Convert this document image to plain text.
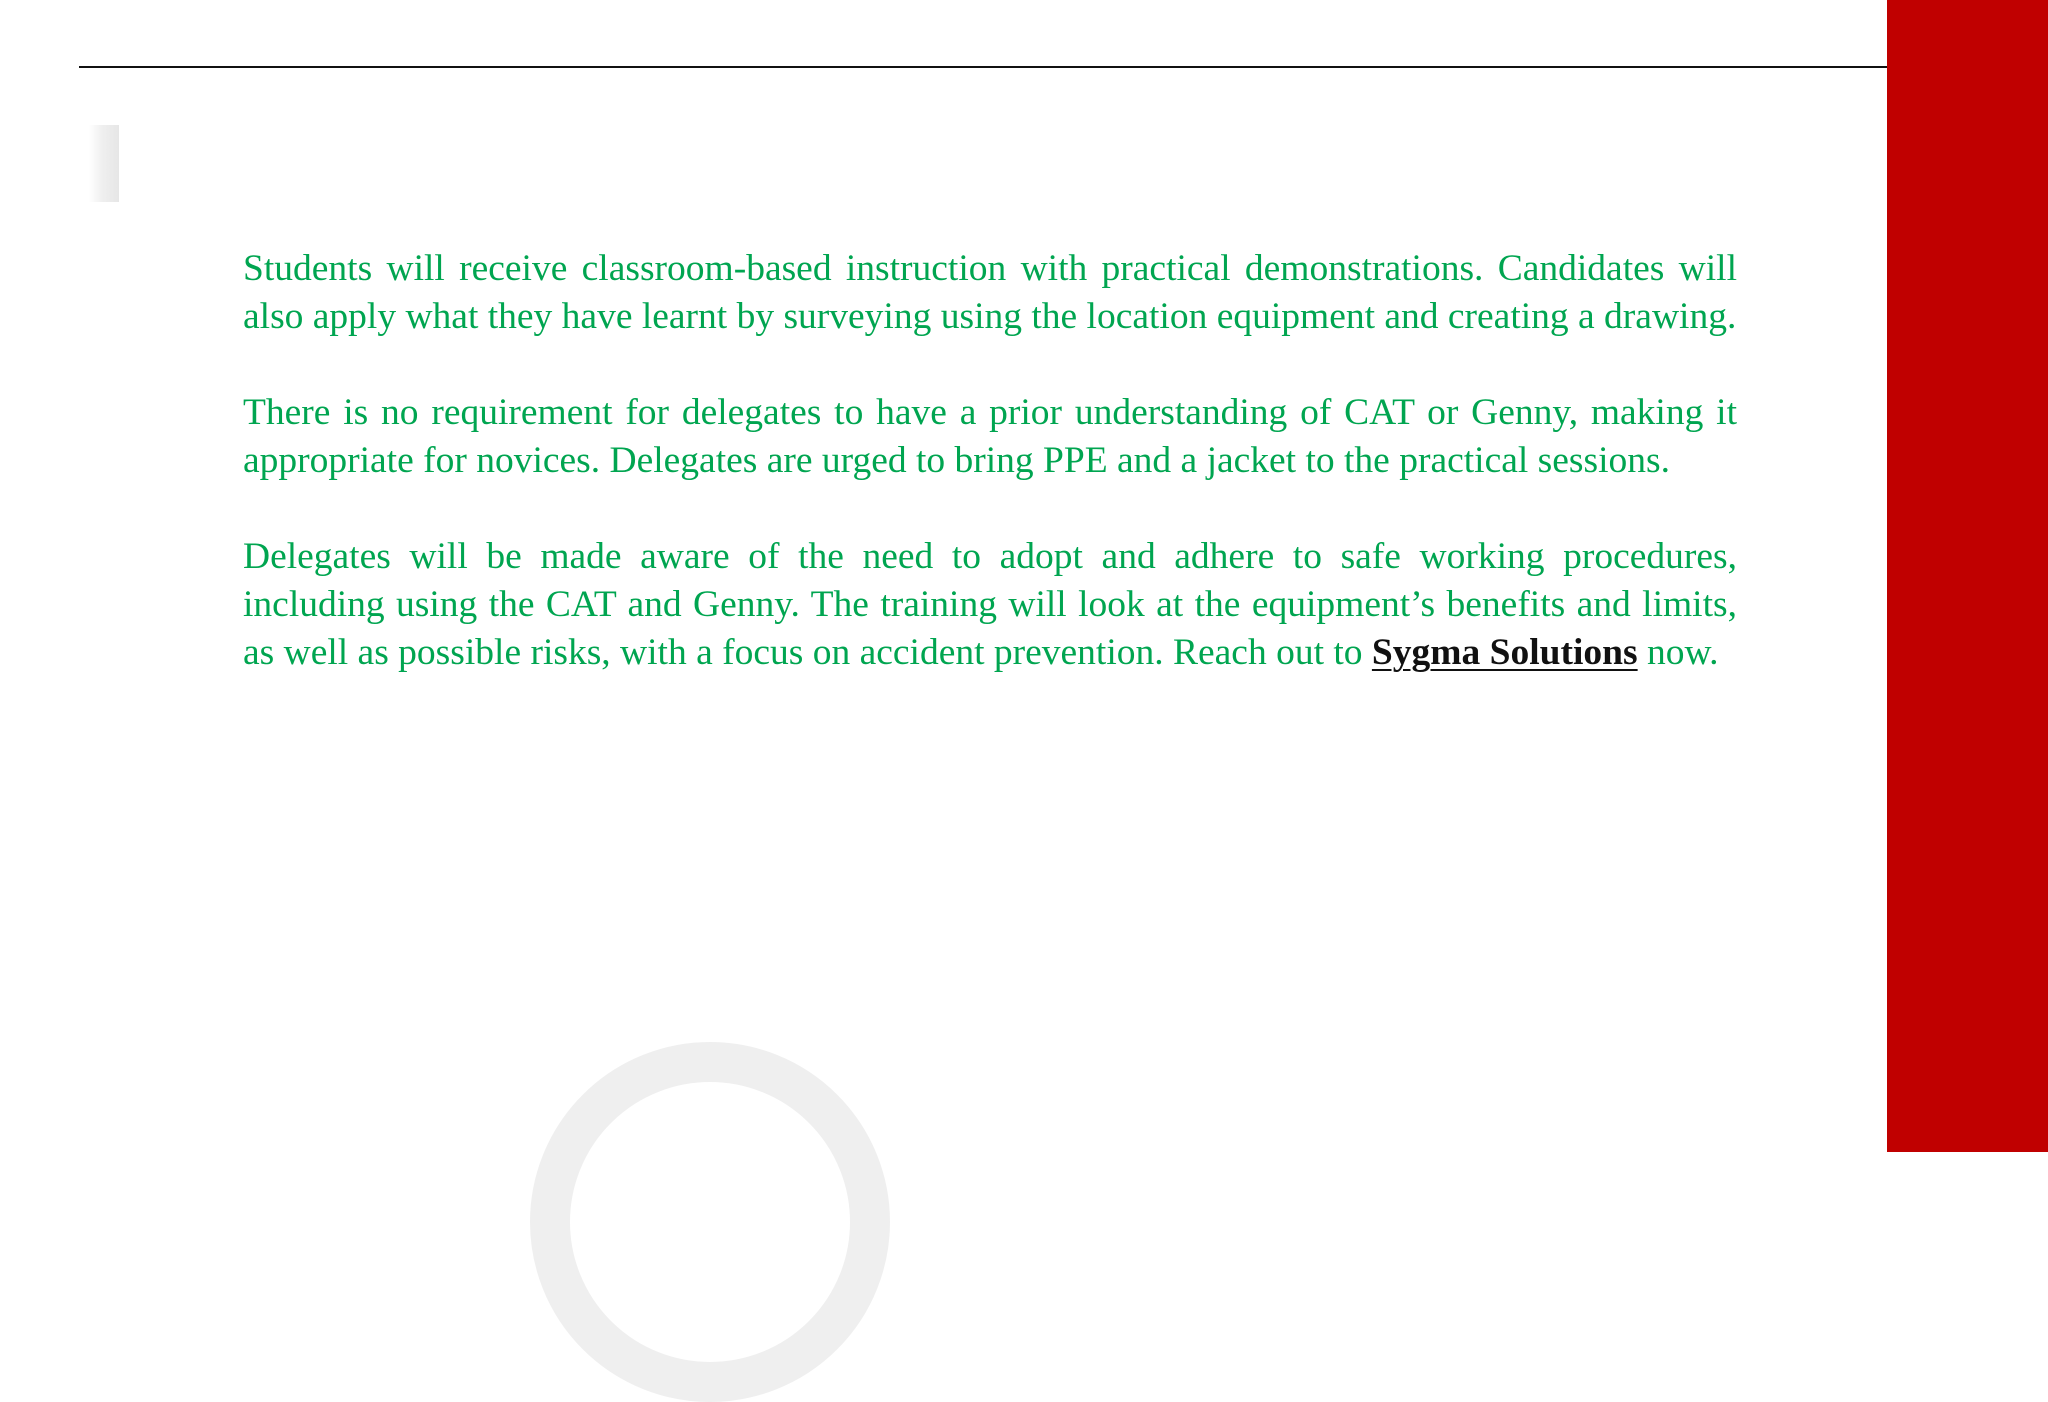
Students will receive classroom-based instruction with practical demonstrations. Candidates will also apply what they have learnt by surveying using the location equipment and creating a drawing.

There is no requirement for delegates to have a prior understanding of CAT or Genny, making it appropriate for novices. Delegates are urged to bring PPE and a jacket to the practical sessions.

Delegates will be made aware of the need to adopt and adhere to safe working procedures, including using the CAT and Genny. The training will look at the equipment’s benefits and limits, as well as possible risks, with a focus on accident prevention. Reach out to Sygma Solutions now.
